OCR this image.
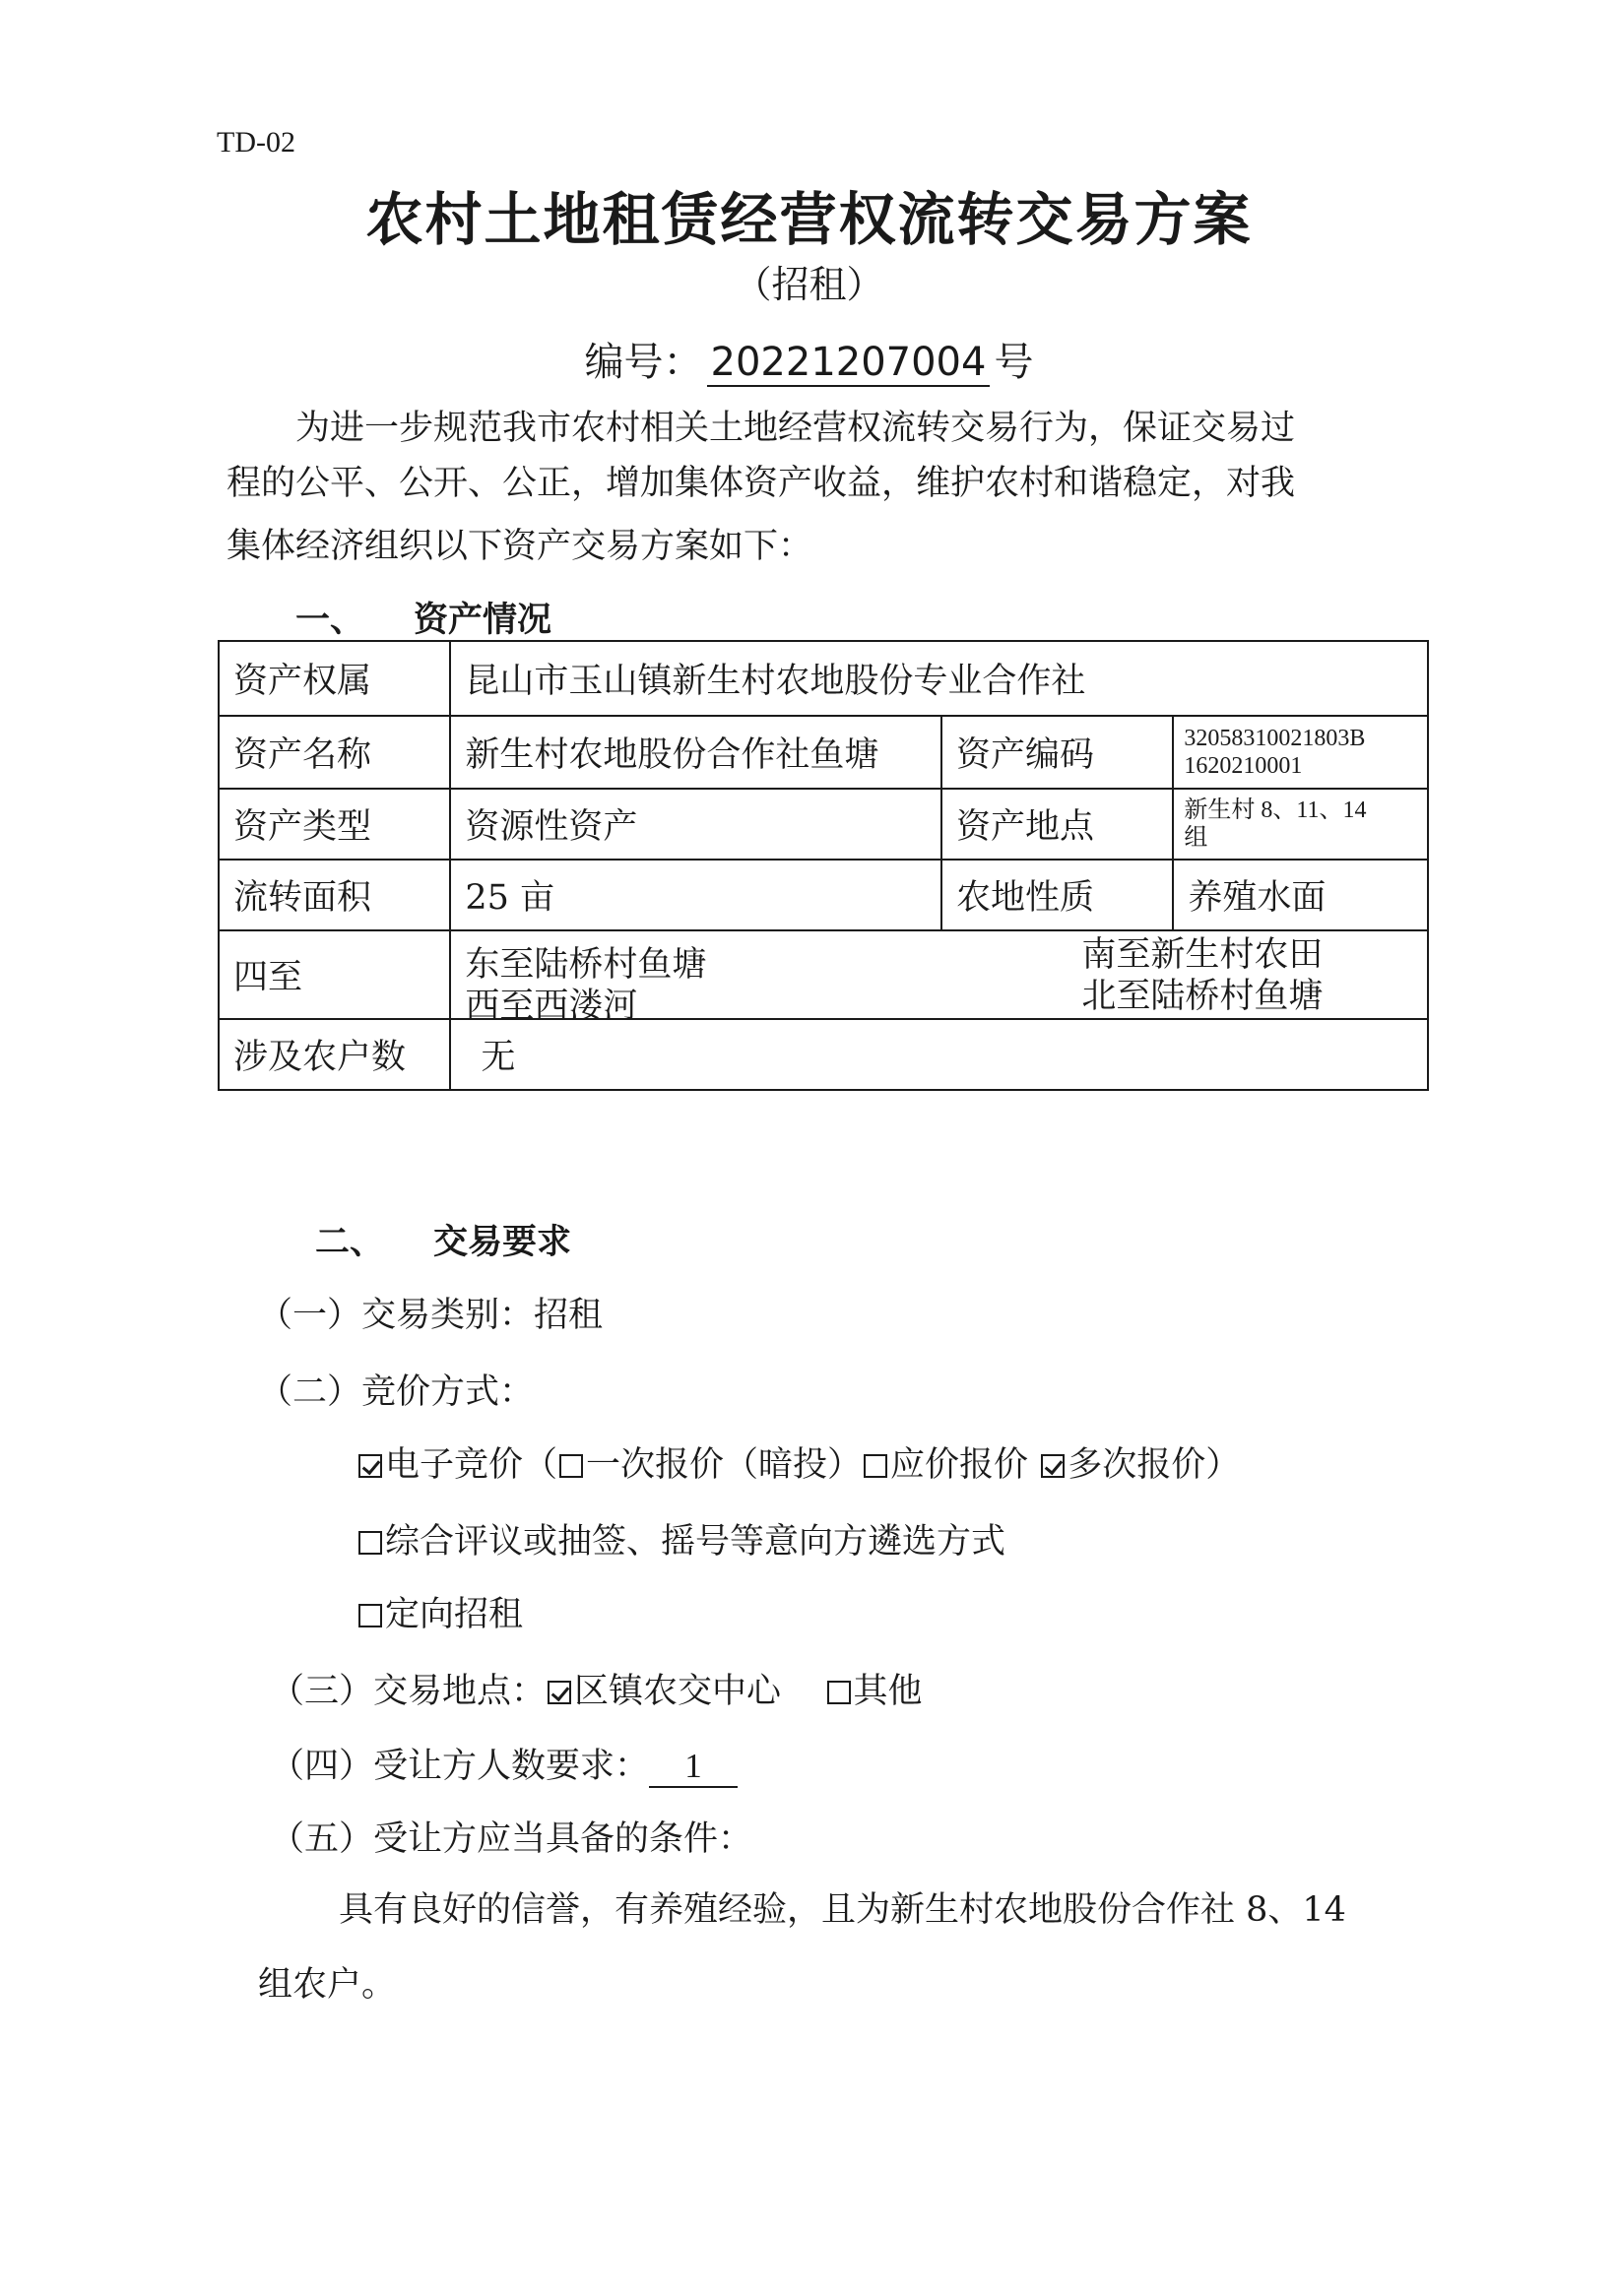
TD-02
农村土地租赁经营权流转交易方案
（招租）
编号： 20221207004 号
为进一步规范我市农村相关土地经营权流转交易行为，保证交易过
程的公平、公开、公正，增加集体资产收益，维护农村和谐稳定，对我
集体经济组织以下资产交易方案如下：
一、 资产情况
资产权属	昆山市玉山镇新生村农地股份专业合作社		
资产名称	新生村农地股份合作社鱼塘	资产编码	32058310021803B
1620210001

资产类型	资源性资产	资产地点	新生村 8、11、14
组

流转面积	25 亩	农地性质	养殖水面
四至	东至陆桥村鱼塘 南至新生村农田
西至西溇河 北至陆桥村鱼塘		

涉及农户数	无		
二、 交易要求
（一）交易类别：招租
（二）竞价方式：
电子竞价（ 一次报价（暗投） 应价报价 多次报价）
综合评议或抽签、摇号等意向方遴选方式
定向招租
（三）交易地点： 区镇农交中心 其他
（四）受让方人数要求： 1
（五）受让方应当具备的条件：
具有良好的信誉，有养殖经验，且为新生村农地股份合作社 8、14
组农户。
